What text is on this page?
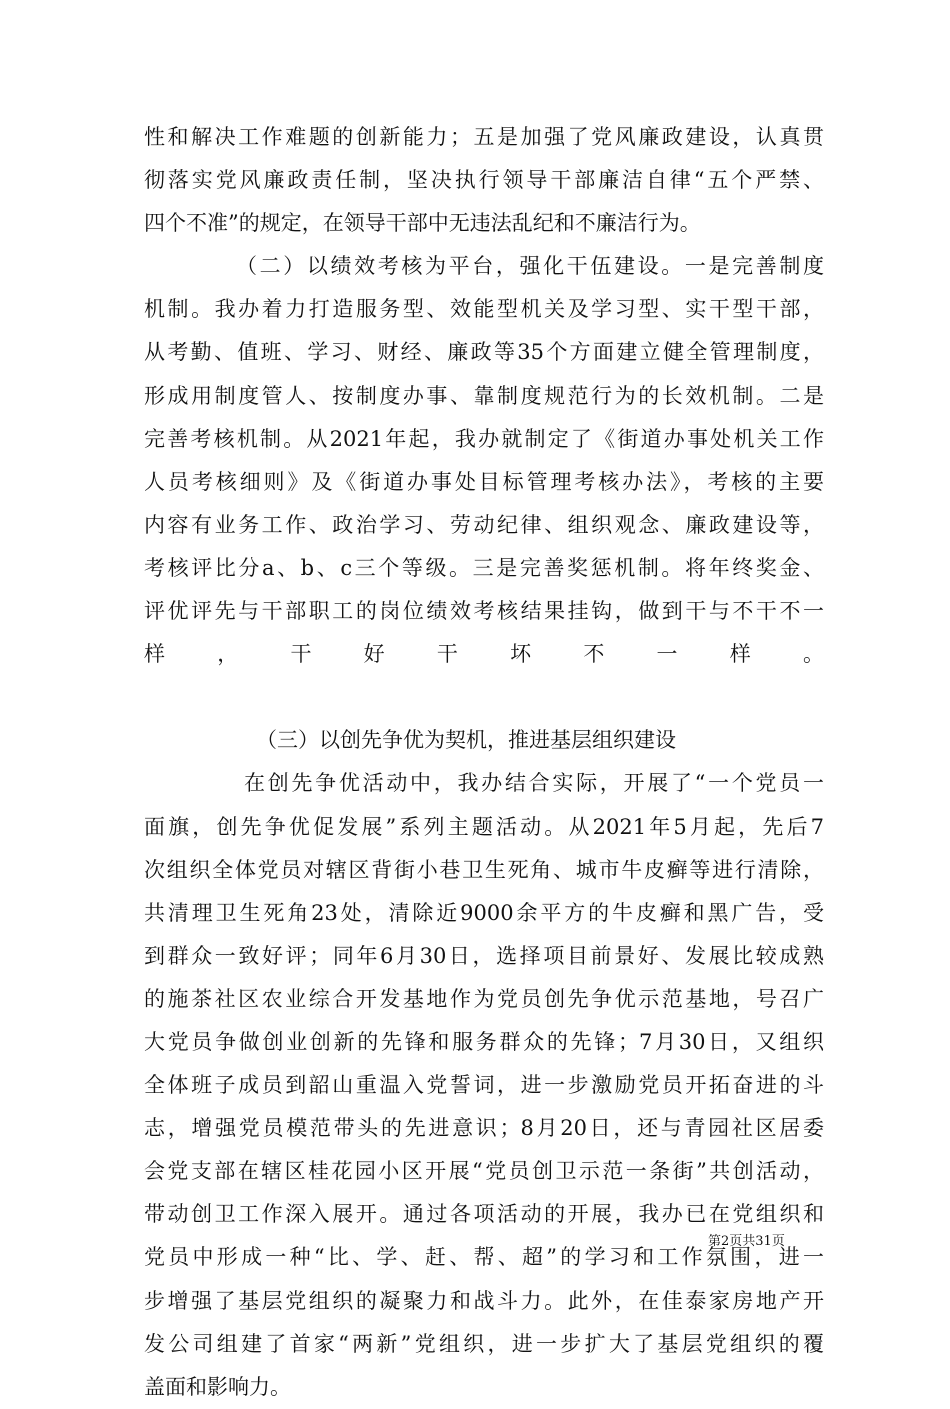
性和解决工作难题的创新能力；五是加强了党风廉政建设，认真贯
彻落实党风廉政责任制，坚决执行领导干部廉洁自律“五个严禁、
四个不准”的规定，在领导干部中无违法乱纪和不廉洁行为。
（二）以绩效考核为平台，强化干伍建设。一是完善制度
机制。我办着力打造服务型、效能型机关及学习型、实干型干部，
从考勤、值班、学习、财经、廉政等35个方面建立健全管理制度，
形成用制度管人、按制度办事、靠制度规范行为的长效机制。二是
完善考核机制。从2021年起，我办就制定了《街道办事处机关工作
人员考核细则》及《街道办事处目标管理考核办法》，考核的主要
内容有业务工作、政治学习、劳动纪律、组织观念、廉政建设等，
考核评比分a、b、c三个等级。三是完善奖惩机制。将年终奖金、
评优评先与干部职工的岗位绩效考核结果挂钩，做到干与不干不一
样，干好干坏不一样。
（三）以创先争优为契机，推进基层组织建设
在创先争优活动中，我办结合实际，开展了“一个党员一
面旗，创先争优促发展”系列主题活动。从2021年5月起，先后7
次组织全体党员对辖区背街小巷卫生死角、城市牛皮癣等进行清除，
共清理卫生死角23处，清除近9000余平方的牛皮癣和黑广告，受
到群众一致好评；同年6月30日，选择项目前景好、发展比较成熟
的施茶社区农业综合开发基地作为党员创先争优示范基地，号召广
大党员争做创业创新的先锋和服务群众的先锋；7月30日，又组织
全体班子成员到韶山重温入党誓词，进一步激励党员开拓奋进的斗
志，增强党员模范带头的先进意识；8月20日，还与青园社区居委
会党支部在辖区桂花园小区开展“党员创卫示范一条街”共创活动，
带动创卫工作深入展开。通过各项活动的开展，我办已在党组织和
党员中形成一种“比、学、赶、帮、超”的学习和工作氛围，进一
步增强了基层党组织的凝聚力和战斗力。此外，在佳泰家房地产开
发公司组建了首家“两新”党组织，进一步扩大了基层党组织的覆
盖面和影响力。
第2页共31页
